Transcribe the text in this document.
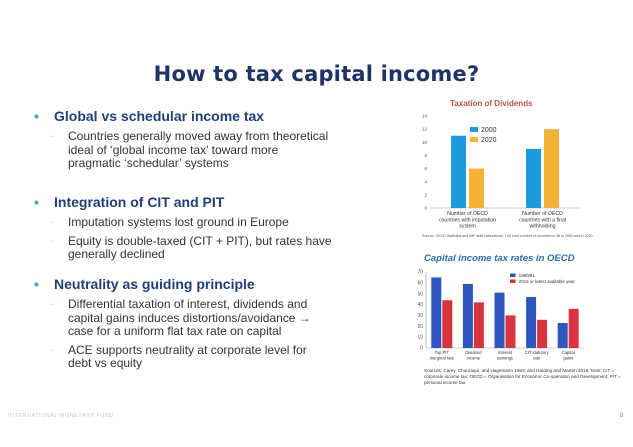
How to tax capital income?
• Global vs schedular income tax
- Countries generally moved away from theoretical ideal of ‘global income tax’ toward more pragmatic ‘schedular’ systems
• Integration of CIT and PIT
- Imputation systems lost ground in Europe
- Equity is double-taxed (CIT + PIT), but rates have generally declined
• Neutrality as guiding principle
- Differential taxation of interest, dividends and capital gains induces distortions/avoidance → case for a uniform flat tax rate on capital
- ACE supports neutrality at corporate level for debt vs equity
Taxation of Dividends
0
2
4
6
8
10
12
14
Number of OECD
countries with imputation
system
Number of OECD
countries with a final
withholding
2000
2020
Source: OECD Statistics and IMF staff calculations. The total number of countries is 36 in 2000 and in 2020.
Capital income tax rates in OECD
0
10
20
30
40
50
60
70
Top PIT
marginal rate
Dividend
income
Interest
earnings
CIT statutory
rate
Capital
gains
1980/81
2016 or latest available year
Sources: Carey, Chouraqui, and Hagemann 1993; and Harding and Marten 2018. Note: CIT = corporate income tax; OECD = Organisation for Economic Co-operation and Development; PIT = personal income tax.
INTERNATIONAL MONETARY FUND	8
